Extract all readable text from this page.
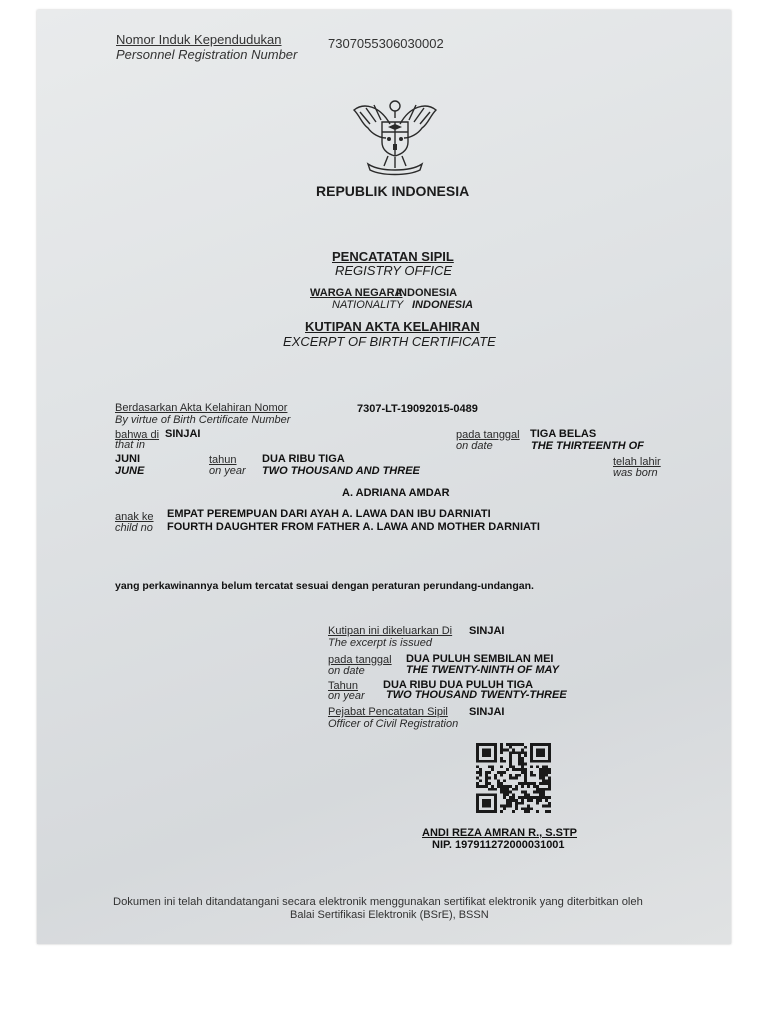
Nomor Induk Kependudukan
Personnel Registration Number
7307055306030002
REPUBLIK INDONESIA
PENCATATAN SIPIL
REGISTRY OFFICE
WARGA NEGARA
INDONESIA
NATIONALITY INDONESIA
KUTIPAN AKTA KELAHIRAN
EXCERPT OF BIRTH CERTIFICATE
Berdasarkan Akta Kelahiran Nomor
By virtue of Birth Certificate Number
7307-LT-19092015-0489
bahwa di SINJAI
that in
pada tanggal
on date
TIGA BELAS
THE THIRTEENTH OF
JUNI
JUNE
tahun
on year
DUA RIBU TIGA
TWO THOUSAND AND THREE
telah lahir
was born
A. ADRIANA AMDAR
anak ke
child no
EMPAT PEREMPUAN DARI AYAH A. LAWA DAN IBU DARNIATI
FOURTH DAUGHTER FROM FATHER A. LAWA AND MOTHER DARNIATI
yang perkawinannya belum tercatat sesuai dengan peraturan perundang-undangan.
Kutipan ini dikeluarkan Di
The excerpt is issued
SINJAI
pada tanggal
on date
DUA PULUH SEMBILAN MEI
THE TWENTY-NINTH OF MAY
Tahun
on year
DUA RIBU DUA PULUH TIGA
TWO THOUSAND TWENTY-THREE
Pejabat Pencatatan Sipil
Officer of Civil Registration
SINJAI
ANDI REZA AMRAN R., S.STP
NIP. 197911272000031001
Dokumen ini telah ditandatangani secara elektronik menggunakan sertifikat elektronik yang diterbitkan oleh
Balai Sertifikasi Elektronik (BSrE), BSSN
